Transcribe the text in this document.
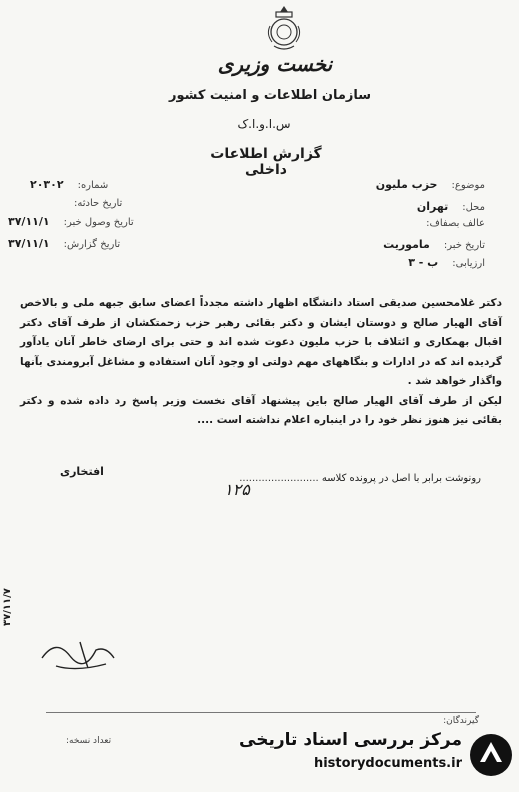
نخست وزیری
سازمان اطلاعات و امنیت کشور
س.ا.و.ا.ک
گزارش اطلاعات داخلی
موضوع:حزب ملیون
محل:تهران
عالف بصفاف:
تاریخ خبر:ماموریت
ارزیابی:ب - ۳
شماره:۲۰۳۰۲
تاریخ حادثه:
تاریخ وصول خبر:۳۷/۱۱/۱
تاریخ گزارش:۳۷/۱۱/۱
دکتر غلامحسین صدیقی استاد دانشگاه اظهار داشته مجدداً اعضای سابق جبهه ملی و بالاخص آقای الهیار صالح و دوستان ایشان و دکتر بقائی رهبر حزب زحمتکشان از طرف آقای دکتر اقبال بهمکاری و ائتلاف با حزب ملیون دعوت شده اند و حتی برای ارضای خاطر آنان یادآور گردیده اند که در ادارات و بنگاههای مهم دولتی او وجود آنان استفاده و مشاغل آبرومندی بآنها واگذار خواهد شد .
لیکن از طرف آقای الهیار صالح باین پیشنهاد آقای نخست وزیر پاسخ رد داده شده و دکتر بقائی نیز هنوز نظر خود را در اینباره اعلام نداشته است ....
افتخاری
رونوشت برابر با اصل در پرونده کلاسه .........................
۱۲۵
۳۷/۱۱/۷
گیرندگان:
تعداد نسخه:	مرکز بررسی اسناد تاریخی
historydocuments.ir
